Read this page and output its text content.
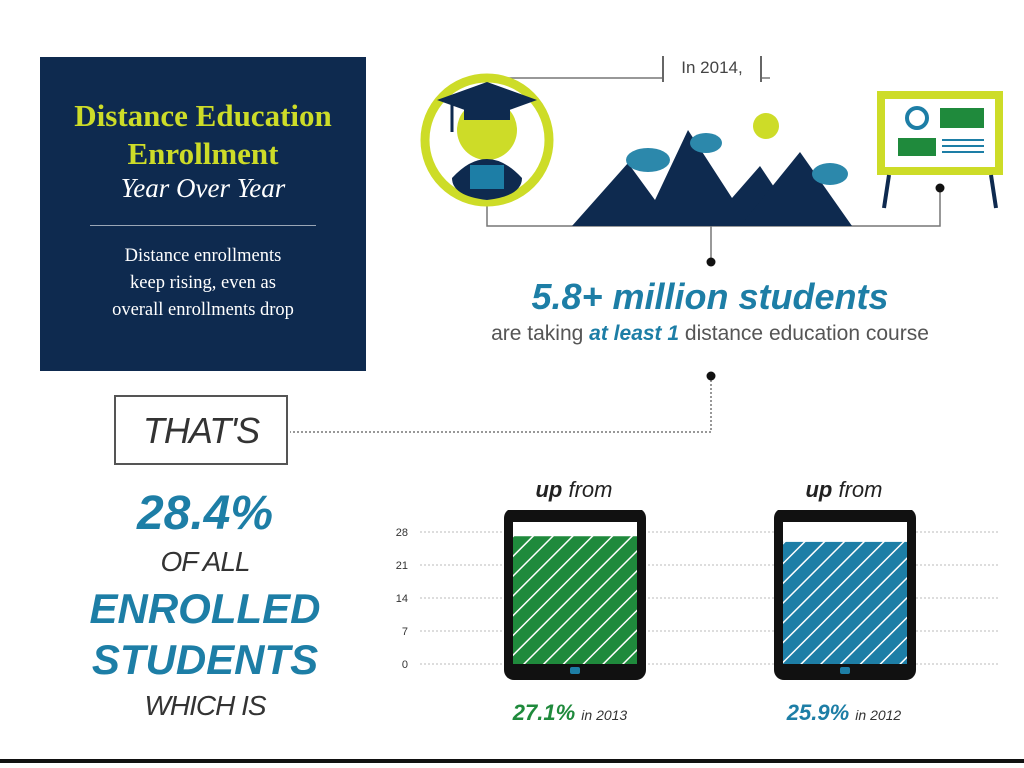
Distance Education
Enrollment
Year Over Year
Distance enrollments
keep rising, even as
overall enrollments drop
In 2014,
5.8+ million students
are taking at least 1 distance education course
THAT'S
28.4%
OF ALL
ENROLLED
STUDENTS
WHICH IS
up from	up from
28
21
14
7
0
27.1% in 2013	25.9% in 2012
